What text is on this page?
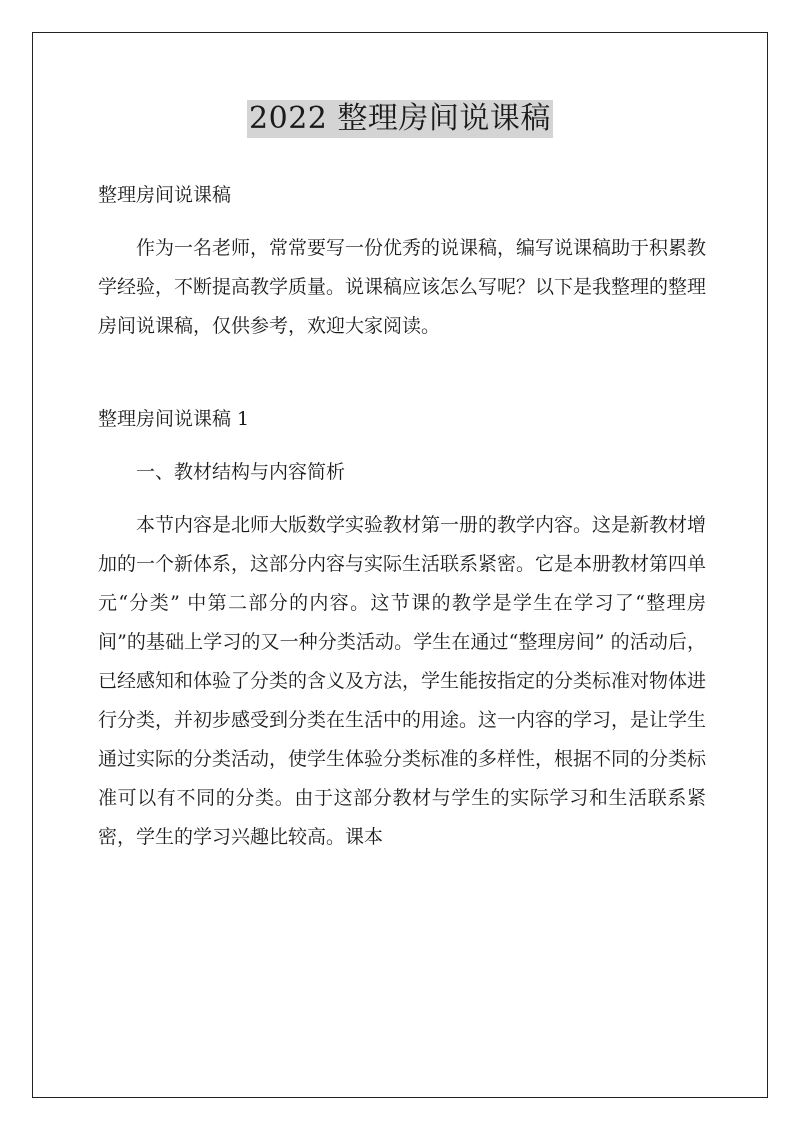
2022 整理房间说课稿

整理房间说课稿

作为一名老师，常常要写一份优秀的说课稿，编写说课稿助于积累教学经验，不断提高教学质量。说课稿应该怎么写呢？以下是我整理的整理房间说课稿，仅供参考，欢迎大家阅读。

整理房间说课稿 1

一、教材结构与内容简析

本节内容是北师大版数学实验教材第一册的教学内容。这是新教材增加的一个新体系，这部分内容与实际生活联系紧密。它是本册教材第四单元“分类” 中第二部分的内容。这节课的教学是学生在学习了“整理房间”的基础上学习的又一种分类活动。学生在通过“整理房间” 的活动后，已经感知和体验了分类的含义及方法，学生能按指定的分类标准对物体进行分类，并初步感受到分类在生活中的用途。这一内容的学习，是让学生通过实际的分类活动，使学生体验分类标准的多样性，根据不同的分类标准可以有不同的分类。由于这部分教材与学生的实际学习和生活联系紧密，学生的学习兴趣比较高。课本
